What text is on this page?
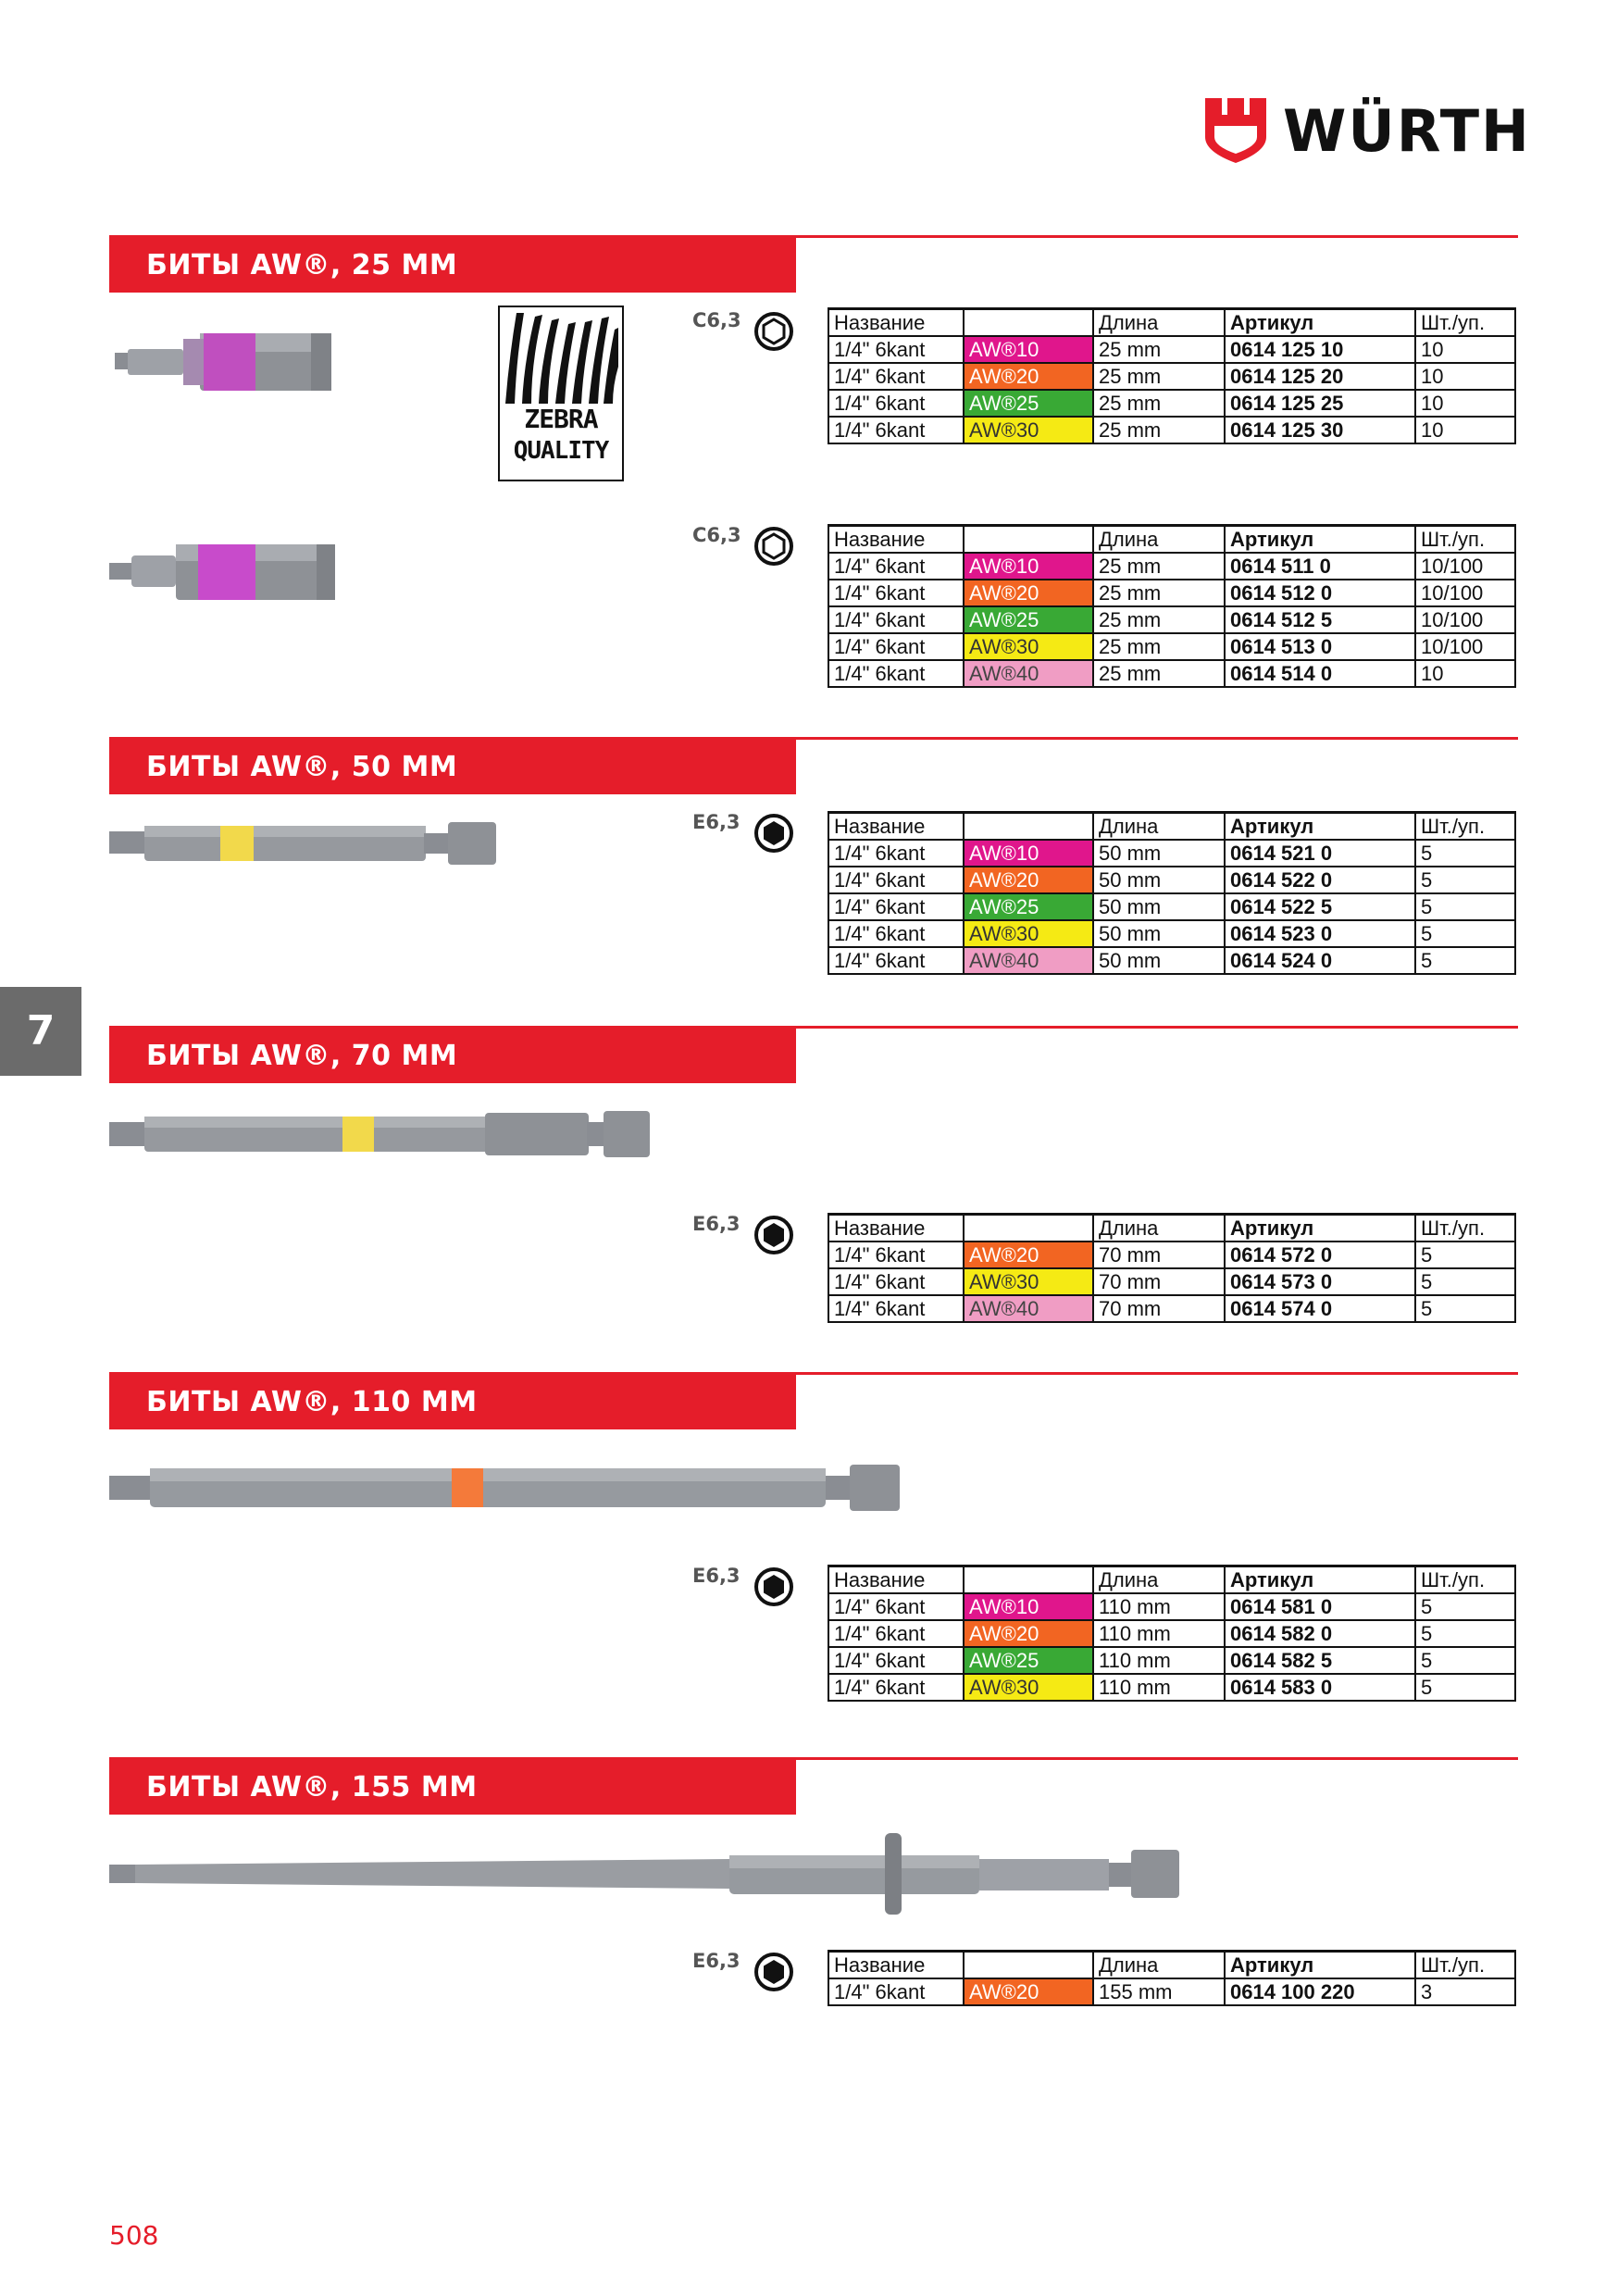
WÜRTH
7
БИТЫ AW®, 25 ММ
БИТЫ AW®, 50 ММ
БИТЫ AW®, 70 ММ
БИТЫ AW®, 110 ММ
БИТЫ AW®, 155 ММ
ZEBRA
QUALITY
C6,3
C6,3
E6,3
E6,3
E6,3
E6,3
Название	Размер	Длина	Артикул	Шт./уп.
1/4" 6kant	AW®10	25 mm	0614 125 10	10
1/4" 6kant	AW®20	25 mm	0614 125 20	10
1/4" 6kant	AW®25	25 mm	0614 125 25	10
1/4" 6kant	AW®30	25 mm	0614 125 30	10
Название	Размер	Длина	Артикул	Шт./уп.
1/4" 6kant	AW®10	25 mm	0614 511 0	10/100
1/4" 6kant	AW®20	25 mm	0614 512 0	10/100
1/4" 6kant	AW®25	25 mm	0614 512 5	10/100
1/4" 6kant	AW®30	25 mm	0614 513 0	10/100
1/4" 6kant	AW®40	25 mm	0614 514 0	10
Название	Размер	Длина	Артикул	Шт./уп.
1/4" 6kant	AW®10	50 mm	0614 521 0	5
1/4" 6kant	AW®20	50 mm	0614 522 0	5
1/4" 6kant	AW®25	50 mm	0614 522 5	5
1/4" 6kant	AW®30	50 mm	0614 523 0	5
1/4" 6kant	AW®40	50 mm	0614 524 0	5
Название	Размер	Длина	Артикул	Шт./уп.
1/4" 6kant	AW®20	70 mm	0614 572 0	5
1/4" 6kant	AW®30	70 mm	0614 573 0	5
1/4" 6kant	AW®40	70 mm	0614 574 0	5
Название	Размер	Длина	Артикул	Шт./уп.
1/4" 6kant	AW®10	110 mm	0614 581 0	5
1/4" 6kant	AW®20	110 mm	0614 582 0	5
1/4" 6kant	AW®25	110 mm	0614 582 5	5
1/4" 6kant	AW®30	110 mm	0614 583 0	5
Название	Размер	Длина	Артикул	Шт./уп.
1/4" 6kant	AW®20	155 mm	0614 100 220	3
508
